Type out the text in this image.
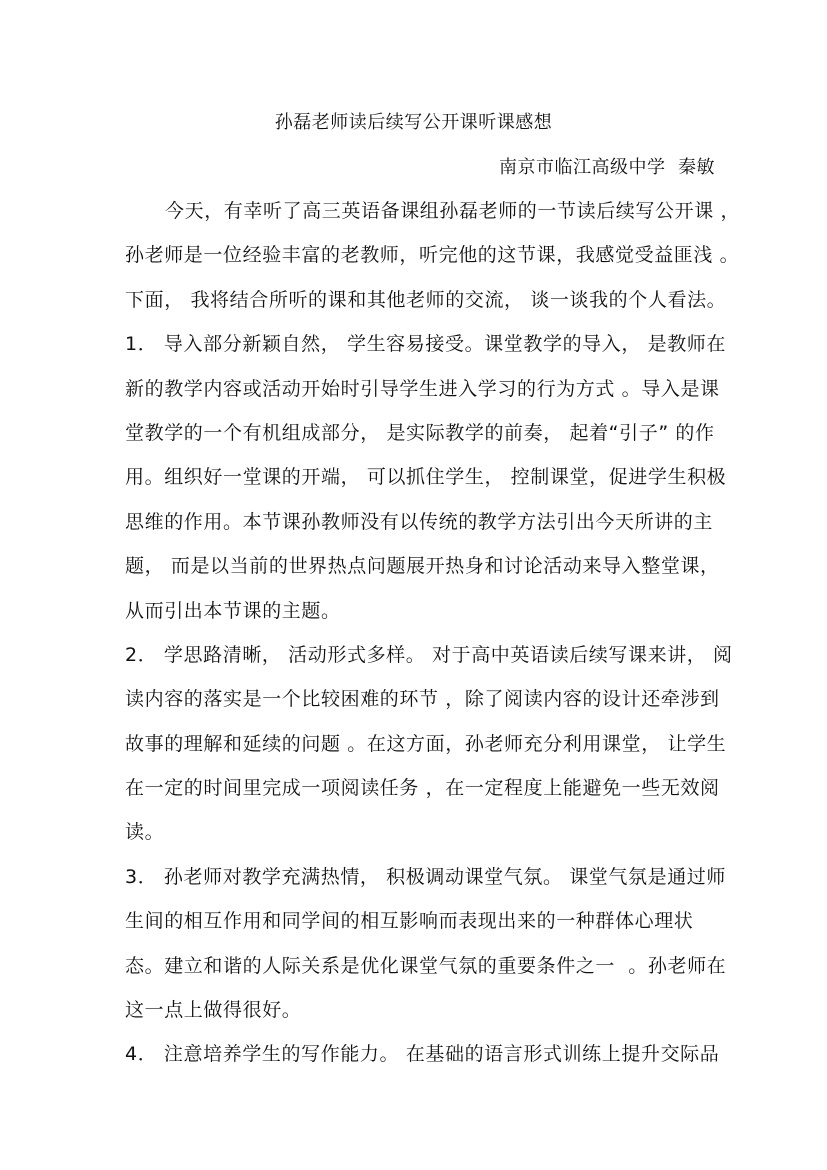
孙磊老师读后续写公开课听课感想
南京市临江高级中学  秦敏
今天，有幸听了高三英语备课组孙磊老师的一节读后续写公开课 ，
孙老师是一位经验丰富的老教师，听完他的这节课，我感觉受益匪浅 。
下面， 我将结合所听的课和其他老师的交流， 谈一谈我的个人看法。
1． 导入部分新颖自然， 学生容易接受。课堂教学的导入， 是教师在
新的教学内容或活动开始时引导学生进入学习的行为方式 。导入是课
堂教学的一个有机组成部分， 是实际教学的前奏， 起着“引子” 的作
用。组织好一堂课的开端， 可以抓住学生， 控制课堂，促进学生积极
思维的作用。本节课孙教师没有以传统的教学方法引出今天所讲的主
题， 而是以当前的世界热点问题展开热身和讨论活动来导入整堂课，
从而引出本节课的主题。
2． 学思路清晰， 活动形式多样。 对于高中英语读后续写课来讲， 阅
读内容的落实是一个比较困难的环节 ，除了阅读内容的设计还牵涉到
故事的理解和延续的问题 。在这方面，孙老师充分利用课堂， 让学生
在一定的时间里完成一项阅读任务 ，在一定程度上能避免一些无效阅
读。
3． 孙老师对教学充满热情， 积极调动课堂气氛。 课堂气氛是通过师
生间的相互作用和同学间的相互影响而表现出来的一种群体心理状
态。建立和谐的人际关系是优化课堂气氛的重要条件之一  。孙老师在
这一点上做得很好。
4． 注意培养学生的写作能力。 在基础的语言形式训练上提升交际品
